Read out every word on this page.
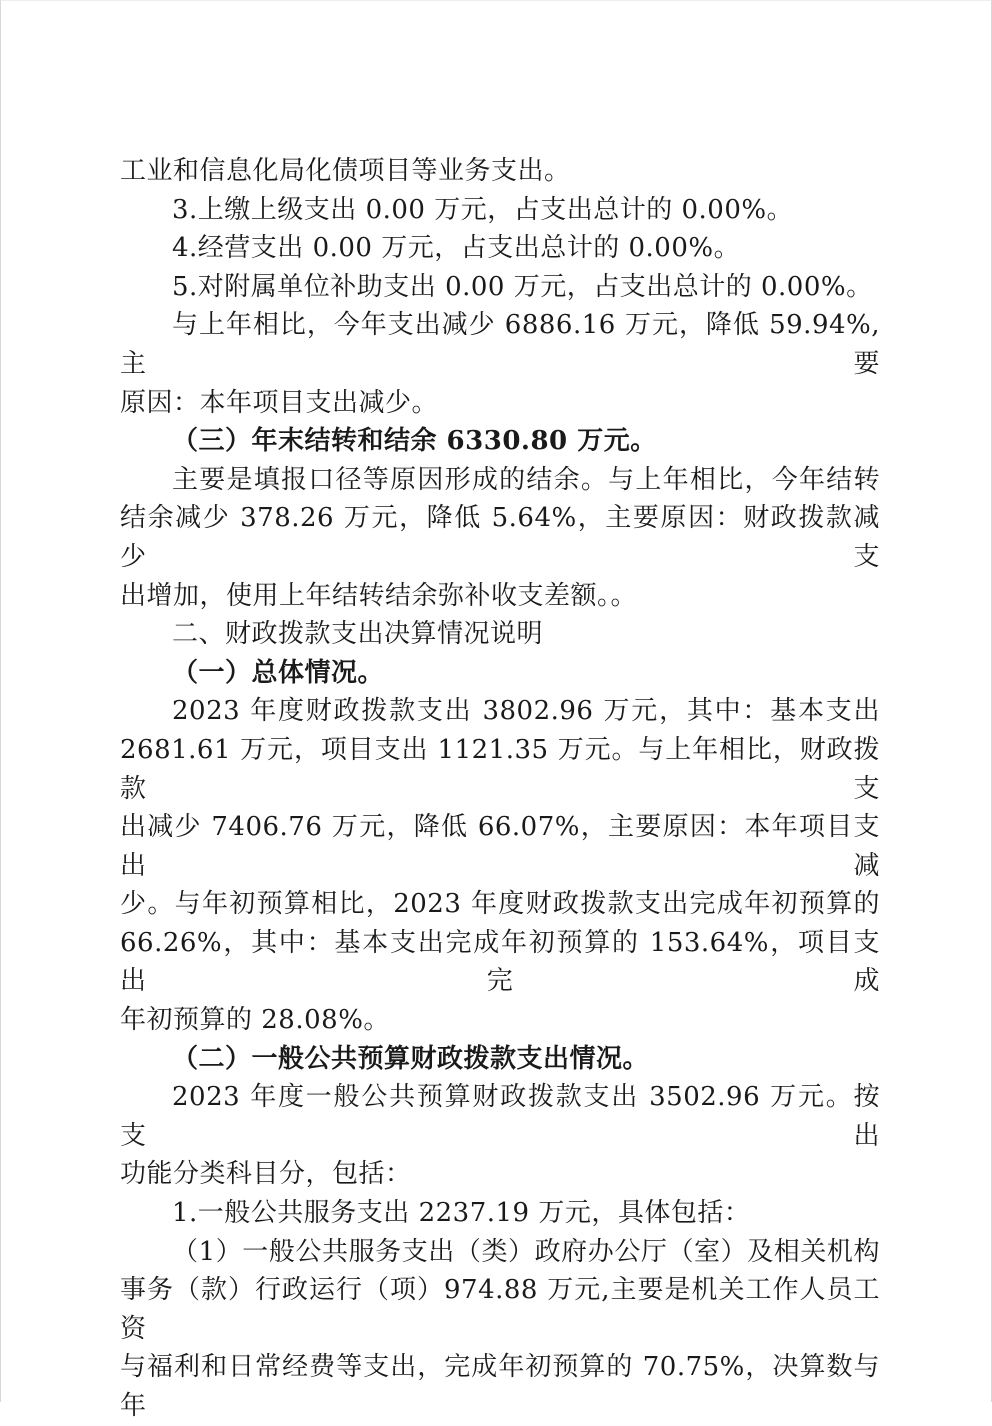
工业和信息化局化债项目等业务支出。

3.上缴上级支出 0.00 万元，占支出总计的 0.00%。

4.经营支出 0.00 万元，占支出总计的 0.00%。

5.对附属单位补助支出 0.00 万元，占支出总计的 0.00%。

与上年相比，今年支出减少 6886.16 万元，降低 59.94%,主要

原因：本年项目支出减少。

（三）年末结转和结余 6330.80 万元。

主要是填报口径等原因形成的结余。与上年相比，今年结转

结余减少 378.26 万元，降低 5.64%，主要原因：财政拨款减少支

出增加，使用上年结转结余弥补收支差额。。

二、财政拨款支出决算情况说明

（一）总体情况。

2023 年度财政拨款支出 3802.96 万元，其中：基本支出

2681.61 万元，项目支出 1121.35 万元。与上年相比，财政拨款支

出减少 7406.76 万元，降低 66.07%，主要原因：本年项目支出减

少。与年初预算相比，2023 年度财政拨款支出完成年初预算的

66.26%，其中：基本支出完成年初预算的 153.64%，项目支出完成

年初预算的 28.08%。

（二）一般公共预算财政拨款支出情况。

2023 年度一般公共预算财政拨款支出 3502.96 万元。按支出

功能分类科目分，包括：

1.一般公共服务支出 2237.19 万元，具体包括：

（1）一般公共服务支出（类）政府办公厅（室）及相关机构

事务（款）行政运行（项）974.88 万元,主要是机关工作人员工资

与福利和日常经费等支出，完成年初预算的 70.75%，决算数与年
